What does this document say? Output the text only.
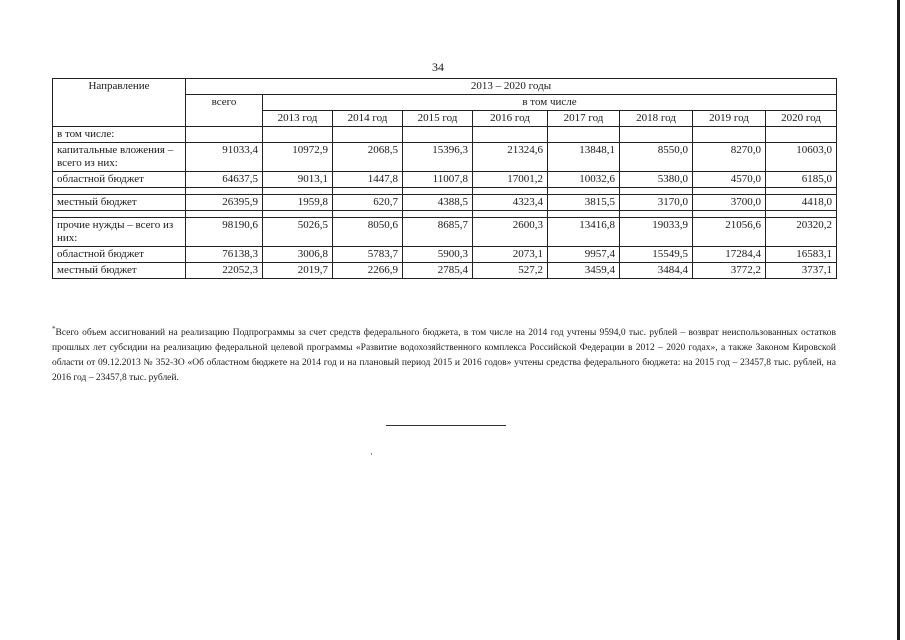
34
Направление	2013 – 2020 годы								
	всего	в том числе							
		2013 год	2014 год	2015 год	2016 год	2017 год	2018 год	2019 год	2020 год
в том числе:									
капитальные вложения – всего из них:	91033,4	10972,9	2068,5	15396,3	21324,6	13848,1	8550,0	8270,0	10603,0
областной бюджет	64637,5	9013,1	1447,8	11007,8	17001,2	10032,6	5380,0	4570,0	6185,0

местный бюджет	26395,9	1959,8	620,7	4388,5	4323,4	3815,5	3170,0	3700,0	4418,0

прочие нужды – всего из них:	98190,6	5026,5	8050,6	8685,7	2600,3	13416,8	19033,9	21056,6	20320,2
областной бюджет	76138,3	3006,8	5783,7	5900,3	2073,1	9957,4	15549,5	17284,4	16583,1
местный бюджет	22052,3	2019,7	2266,9	2785,4	527,2	3459,4	3484,4	3772,2	3737,1
*Всего объем ассигнований на реализацию Подпрограммы за счет средств федерального бюджета, в том числе на 2014 год учтены 9594,0 тыс. рублей – возврат неиспользованных остатков прошлых лет субсидии на реализацию федеральной целевой программы «Развитие водохозяйственного комплекса Российской Федерации в 2012 – 2020 годах», а также Законом Кировской области от 09.12.2013 № 352-ЗО «Об областном бюджете на 2014 год и на плановый период 2015 и 2016 годов» учтены средства федерального бюджета: на 2015 год – 23457,8 тыс. рублей, на 2016 год – 23457,8 тыс. рублей.
